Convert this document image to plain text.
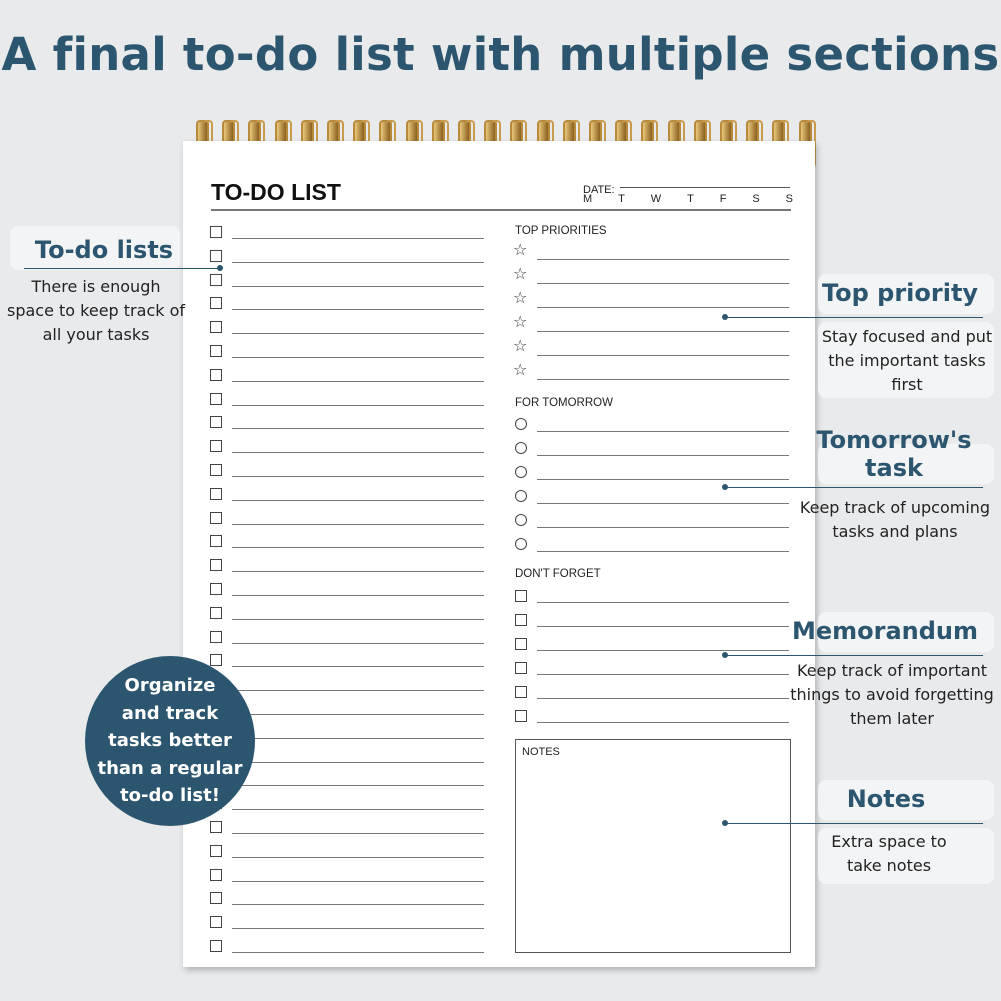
A final to-do list with multiple sections
TO-DO LIST	DATE:
M T W T F S S
TOP PRIORITIES
☆
☆
☆
☆
☆
☆
FOR TOMORROW
DON'T FORGET
NOTES
To-do lists
There is enough space to keep track of all your tasks
Top priority
Stay focused and put the important tasks first
Tomorrow's task
Keep track of upcoming tasks and plans
Memorandum
Keep track of important things to avoid forgetting them later
Notes
Extra space to take notes
Organize
and track
tasks better
than a regular
to-do list!
